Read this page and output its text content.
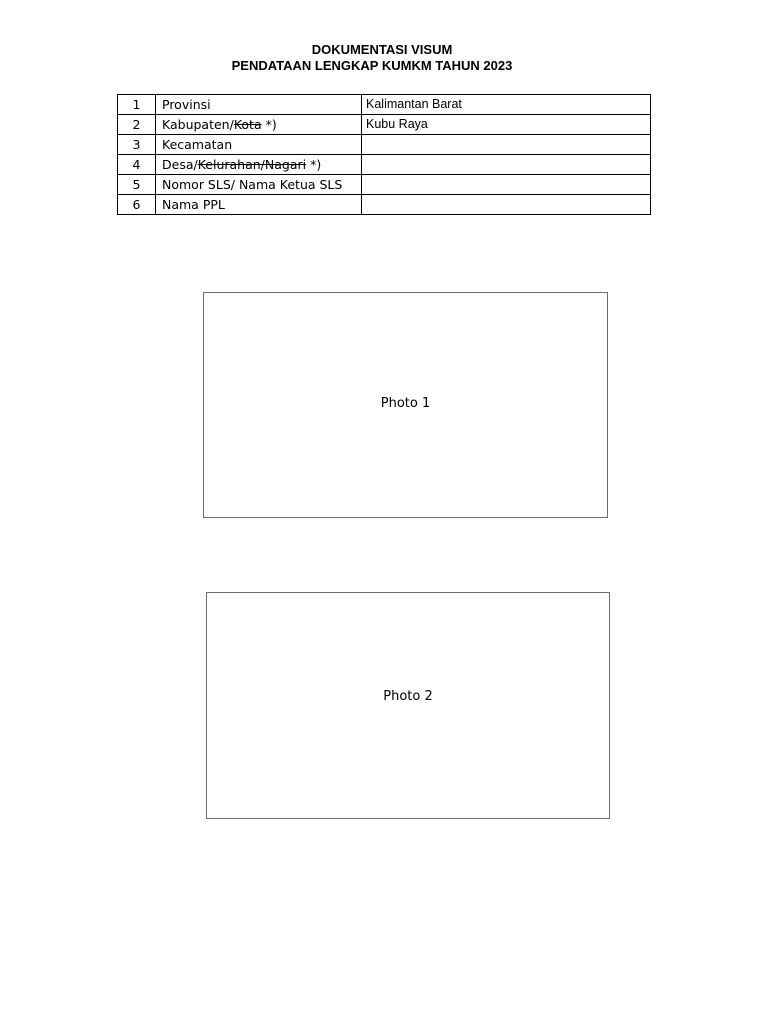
DOKUMENTASI VISUM
PENDATAAN LENGKAP KUMKM TAHUN 2023
1	Provinsi	Kalimantan Barat
2	Kabupaten/Kota *)	Kubu Raya
3	Kecamatan	
4	Desa/Kelurahan/Nagari *)	
5	Nomor SLS/ Nama Ketua SLS	
6	Nama PPL	
Photo 1
Photo 2
